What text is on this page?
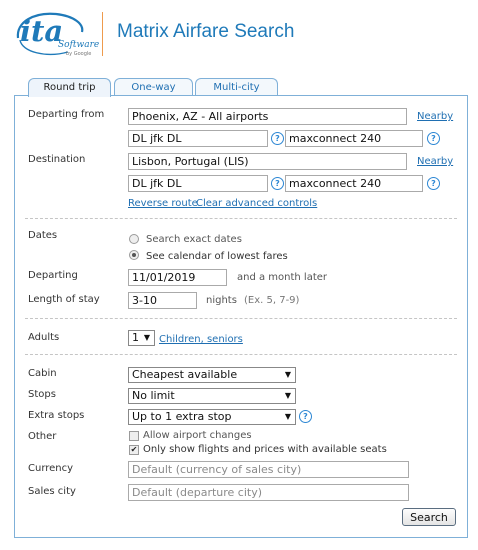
ita
Software
by Google
Matrix Airfare Search
Round trip	One-way	Multi-city
Departing from	Phoenix, AZ - All airports	Nearby
DL jfk DL	? maxconnect 240	?
Destination	Lisbon, Portugal (LIS)	Nearby
DL jfk DL	? maxconnect 240	?
Reverse route
Clear advanced controls
Dates	Search exact dates
See calendar of lowest fares
Departing	11/01/2019	and a month later
Length of stay	3-10	nights (Ex. 5, 7-9)
Adults	1 ▼ Children, seniors
Cabin	Cheapest available	▼
Stops	No limit	▼
Extra stops	Up to 1 extra stop	▼	?
Other	Allow airport changes
✔ Only show flights and prices with available seats
Currency	Default (currency of sales city)
Sales city	Default (departure city)
Search
